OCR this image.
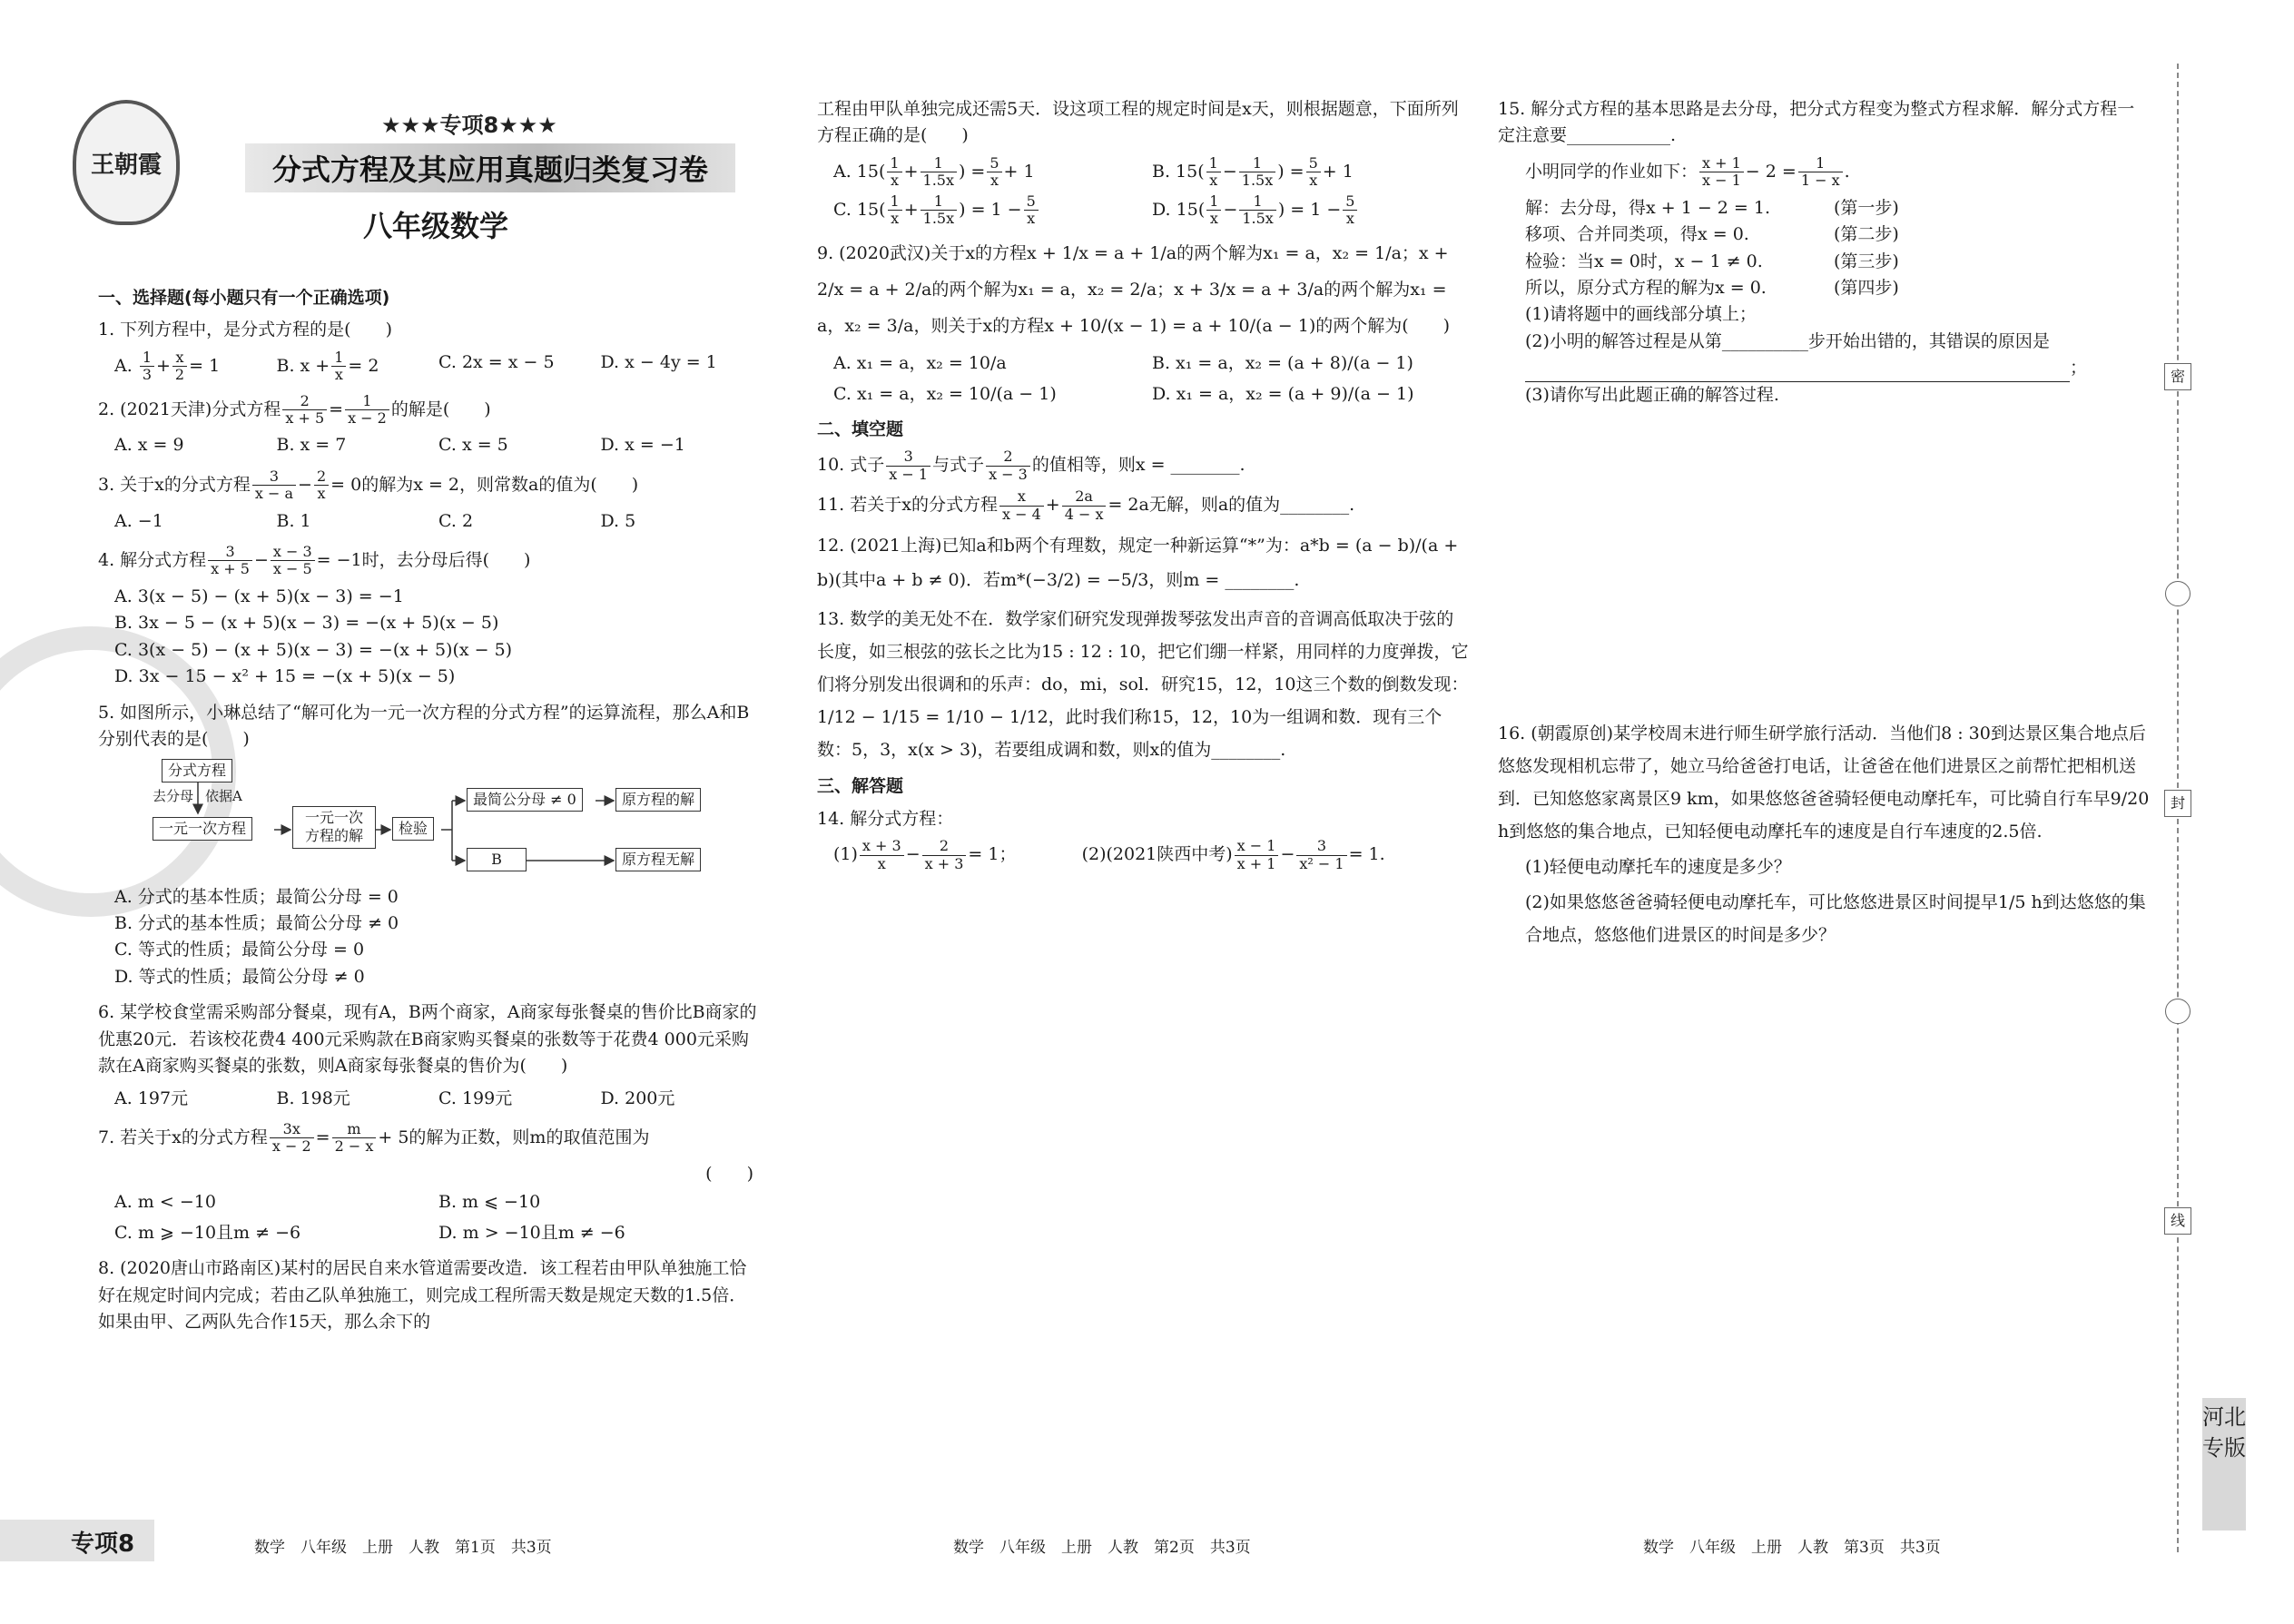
王朝霞
★★★专项8★★★
分式方程及其应用真题归类复习卷
八年级数学
一、选择题(每小题只有一个正确选项)
1. 下列方程中，是分式方程的是(　　)
A. $\frac{1}{3} + \frac{x}{2} = 1$	B. $x + \frac{1}{x} = 2$	C. 2x = x − 5	D. x − 4y = 1
2. (2021天津)分式方程 $\frac{2}{x + 5} = \frac{1}{x - 2}$ 的解是(　　)
A. x = 9	B. x = 7	C. x = 5	D. x = −1
3. 关于x的分式方程 $\frac{3}{x - a} - \frac{2}{x} = 0$的解为x = 2，则常数a的值为(　　)
A. −1	B. 1	C. 2	D. 5
4. 解分式方程 $\frac{3}{x + 5} - \frac{x - 3}{x - 5} = -1$时，去分母后得(　　)
A. 3(x − 5) − (x + 5)(x − 3) = −1
B. 3x − 5 − (x + 5)(x − 3) = −(x + 5)(x − 5)
C. 3(x − 5) − (x + 5)(x − 3) = −(x + 5)(x − 5)
D. 3x − 15 − x² + 15 = −(x + 5)(x − 5)
5. 如图所示，小琳总结了“解可化为一元一次方程的分式方程”的运算流程，那么A和B分别代表的是(　　)
分式方程
去分母 依据A
一元一次方程
一元一次方程的解	检验
最简公分母 ≠ 0	原方程的解
B	原方程无解
A. 分式的基本性质；最简公分母 = 0
B. 分式的基本性质；最简公分母 ≠ 0
C. 等式的性质；最简公分母 = 0
D. 等式的性质；最简公分母 ≠ 0
6. 某学校食堂需采购部分餐桌，现有A，B两个商家，A商家每张餐桌的售价比B商家的优惠20元．若该校花费4 400元采购款在B商家购买餐桌的张数等于花费4 000元采购款在A商家购买餐桌的张数，则A商家每张餐桌的售价为(　　)
A. 197元	B. 198元	C. 199元	D. 200元
7. 若关于x的分式方程 $\frac{3x}{x - 2} = \frac{m}{2 - x} + 5$的解为正数，则m的取值范围为
(　　)
A. m < −10	B. m ⩽ −10
C. m ⩾ −10且m ≠ −6	D. m > −10且m ≠ −6
8. (2020唐山市路南区)某村的居民自来水管道需要改造．该工程若由甲队单独施工恰好在规定时间内完成；若由乙队单独施工，则完成工程所需天数是规定天数的1.5倍．如果由甲、乙两队先合作15天，那么余下的
工程由甲队单独完成还需5天．设这项工程的规定时间是x天，则根据题意，下面所列方程正确的是(　　)
A. $15( \frac{1}{x} + \frac{1}{1.5x}$ ) = $\frac{5}{x} + 1$	B. $15( \frac{1}{x} - \frac{1}{1.5x}$ ) = $\frac{5}{x} + 1$
C. $15( \frac{1}{x} + \frac{1}{1.5x}$ ) = $1 - \frac{5}{x}$	D. $15( \frac{1}{x} - \frac{1}{1.5x}$ ) = $1 - \frac{5}{x}$
9. (2020武汉)关于x的方程x + 1/x = a + 1/a的两个解为x₁ = a，x₂ = 1/a；x + 2/x = a + 2/a的两个解为x₁ = a，x₂ = 2/a；x + 3/x = a + 3/a的两个解为x₁ = a，x₂ = 3/a，则关于x的方程x + 10/(x − 1) = a + 10/(a − 1)的两个解为(　　)
A. x₁ = a，x₂ = 10/a	B. x₁ = a，x₂ = (a + 8)/(a − 1)
C. x₁ = a，x₂ = 10/(a − 1)	D. x₁ = a，x₂ = (a + 9)/(a − 1)
二、填空题
10. 式子 $\frac{3}{x - 1}$ 与式子 $\frac{2}{x - 3}$ 的值相等，则x = ________.
11. 若关于x的分式方程 $\frac{x}{x - 4} + \frac{2a}{4 - x} = 2a$无解，则a的值为________.
12. (2021上海)已知a和b两个有理数，规定一种新运算“*”为：a*b = (a − b)/(a + b)(其中a + b ≠ 0)．若m*(−3/2) = −5/3，则m = ________.
13. 数学的美无处不在．数学家们研究发现弹拨琴弦发出声音的音调高低取决于弦的长度，如三根弦的弦长之比为15 : 12 : 10，把它们绷一样紧，用同样的力度弹拨，它们将分别发出很调和的乐声：do，mi，sol．研究15，12，10这三个数的倒数发现：1/12 − 1/15 = 1/10 − 1/12，此时我们称15，12，10为一组调和数．现有三个数：5，3，x(x > 3)，若要组成调和数，则x的值为________.
三、解答题
14. 解分式方程：
$(1) \frac{x + 3}{x} - \frac{2}{x + 3} = 1$；	(2)(2021陕西中考) $\frac{x - 1}{x + 1} - \frac{3}{\text{x² − 1}} = 1$.
15. 解分式方程的基本思路是去分母，把分式方程变为整式方程求解．解分式方程一定注意要____________.
小明同学的作业如下： $\frac{x + 1}{x - 1} - 2 = \frac{1}{1 - x}$ .
解：去分母，得x + 1 − 2 = 1.	(第一步)
移项、合并同类项，得x = 0.	(第二步)
检验：当x = 0时，x − 1 ≠ 0.	(第三步)
所以，原分式方程的解为x = 0.	(第四步)
(1)请将题中的画线部分填上；
(2)小明的解答过程是从第__________步开始出错的，其错误的原因是
；
(3)请你写出此题正确的解答过程.
16. (朝霞原创)某学校周末进行师生研学旅行活动．当他们8 : 30到达景区集合地点后悠悠发现相机忘带了，她立马给爸爸打电话，让爸爸在他们进景区之前帮忙把相机送到．已知悠悠家离景区9 km，如果悠悠爸爸骑轻便电动摩托车，可比骑自行车早9/20 h到悠悠的集合地点，已知轻便电动摩托车的速度是自行车速度的2.5倍.
(1)轻便电动摩托车的速度是多少？
(2)如果悠悠爸爸骑轻便电动摩托车，可比悠悠进景区时间提早1/5 h到达悠悠的集合地点，悠悠他们进景区的时间是多少？
专项8	数学　八年级　上册　人教　第1页　共3页	数学　八年级　上册　人教　第2页　共3页	数学　八年级　上册　人教　第3页　共3页
密
封
线
河北专版
